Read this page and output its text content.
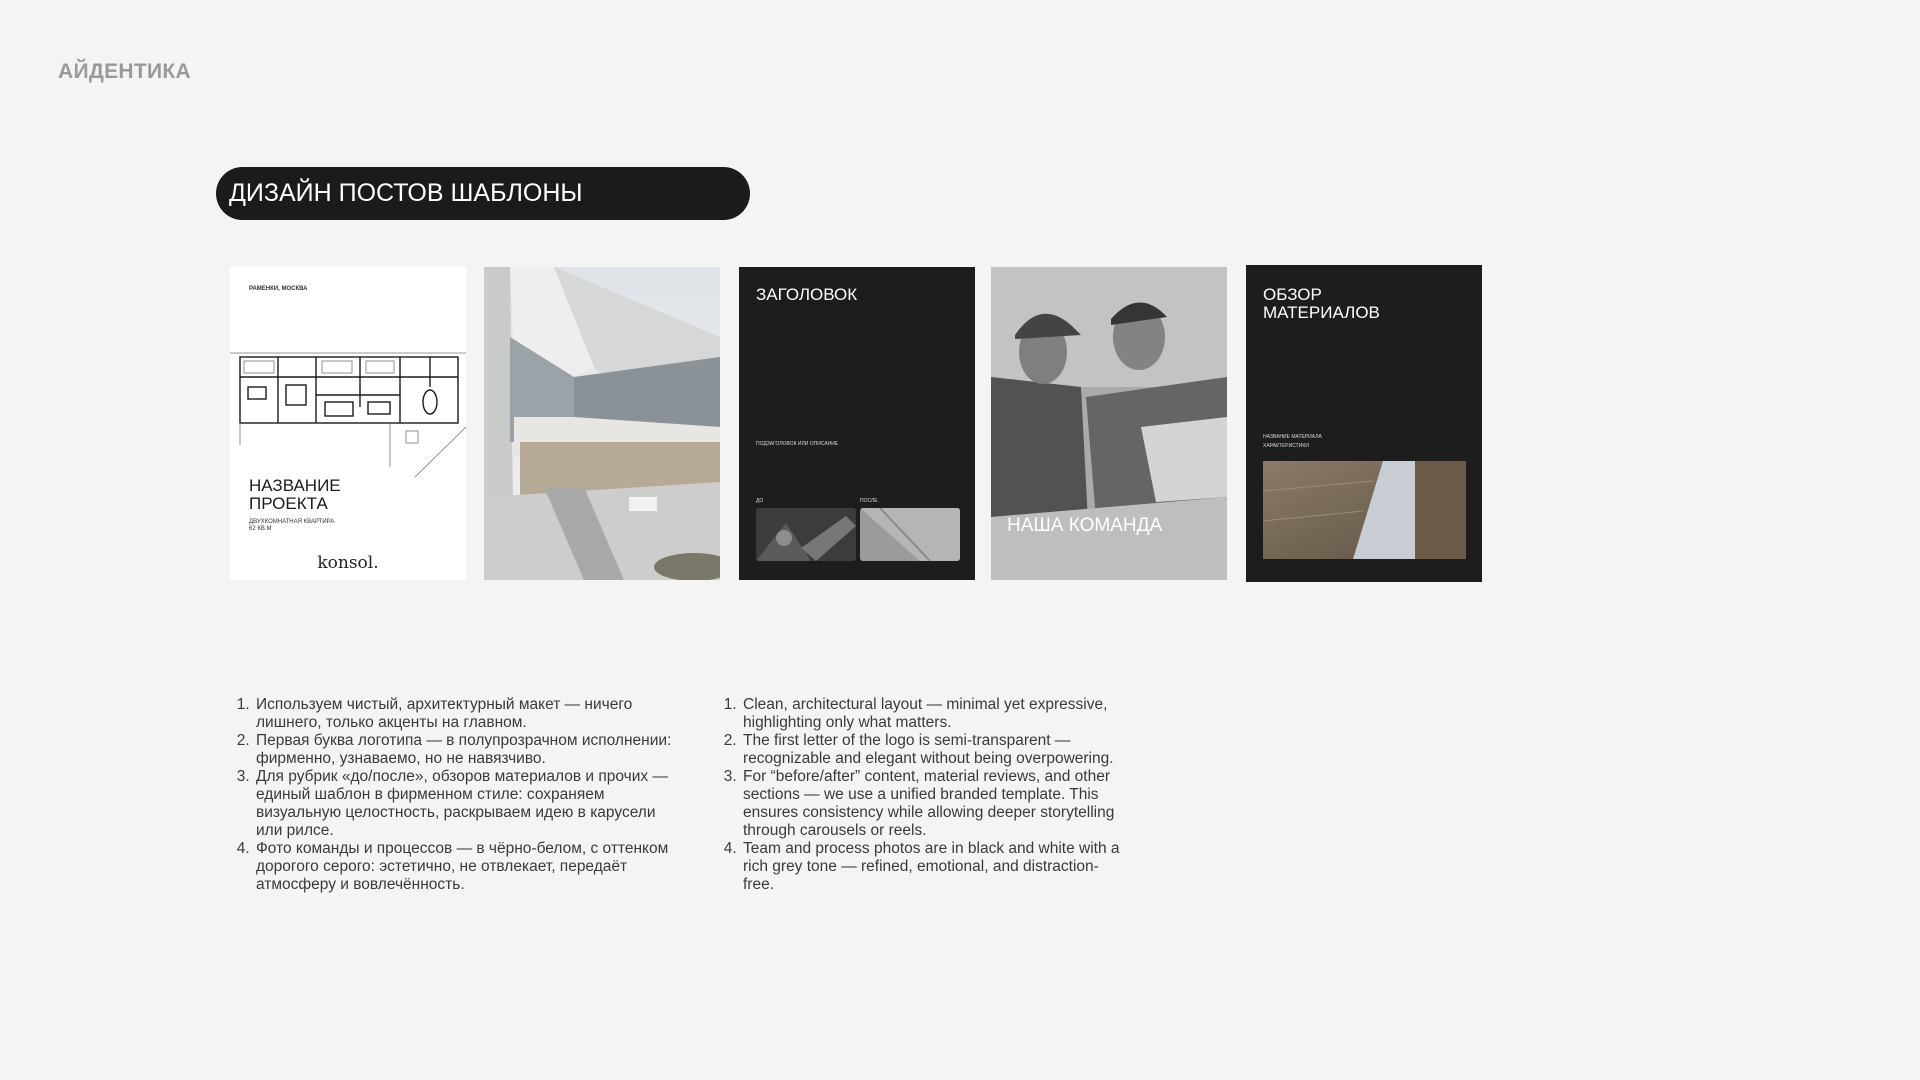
АЙДЕНТИКА
ДИЗАЙН ПОСТОВ ШАБЛОНЫ
РАМЕНКИ, МОСКВА
НАЗВАНИЕ
ПРОЕКТА
ДВУХКОМНАТНАЯ КВАРТИРА
62 КВ.М
konsol.
ЗАГОЛОВОК
ПОДЗАГОЛОВОК ИЛИ ОПИСАНИЕ
ДО	ПОСЛЕ
НАША КОМАНДА
ОБЗОР
МАТЕРИАЛОВ
НАЗВАНИЕ МАТЕРИАЛА
ХАРАКТЕРИСТИКИ
1. Используем чистый, архитектурный макет — ничего лишнего, только акценты на главном.
2. Первая буква логотипа — в полупрозрачном исполнении: фирменно, узнаваемо, но не навязчиво.
3. Для рубрик «до/после», обзоров материалов и прочих — единый шаблон в фирменном стиле: сохраняем визуальную целостность, раскрываем идею в карусели или рилсе.
4. Фото команды и процессов — в чёрно-белом, с оттенком дорогого серого: эстетично, не отвлекает, передаёт атмосферу и вовлечённость.
1. Clean, architectural layout — minimal yet expressive, highlighting only what matters.
2. The first letter of the logo is semi-transparent — recognizable and elegant without being overpowering.
3. For “before/after” content, material reviews, and other sections — we use a unified branded template. This ensures consistency while allowing deeper storytelling through carousels or reels.
4. Team and process photos are in black and white with a rich grey tone — refined, emotional, and distraction-free.
